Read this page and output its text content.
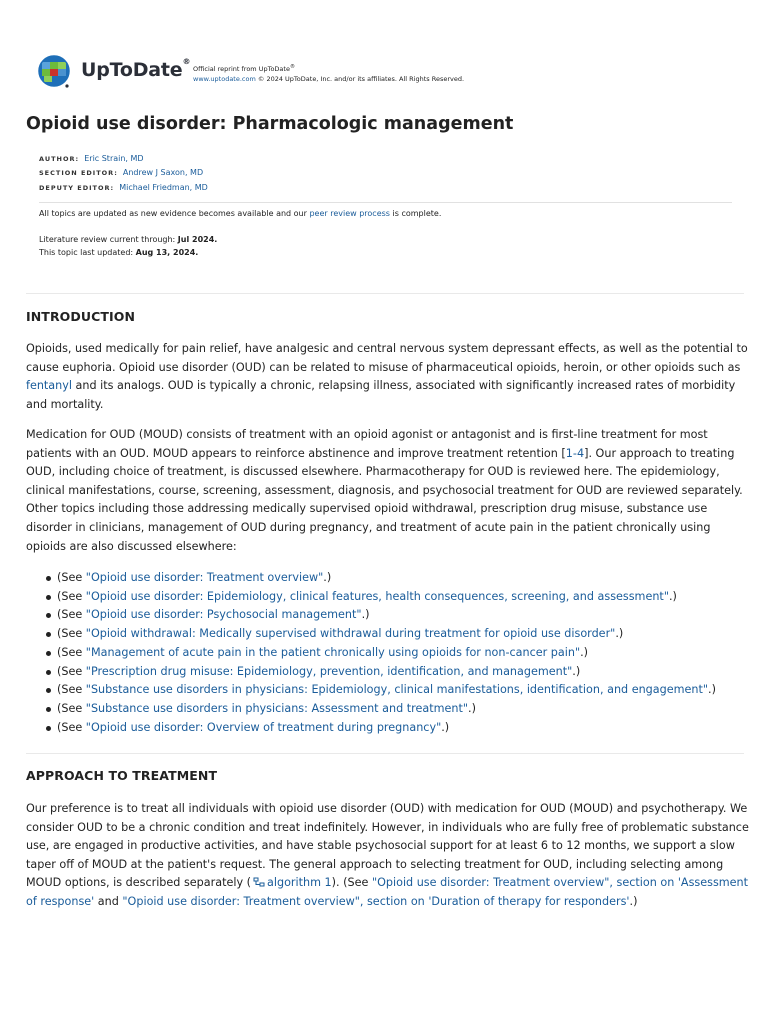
UpToDate®
Official reprint from UpToDate®
www.uptodate.com © 2024 UpToDate, Inc. and/or its affiliates. All Rights Reserved.
Opioid use disorder: Pharmacologic management
AUTHOR: Eric Strain, MD
SECTION EDITOR: Andrew J Saxon, MD
DEPUTY EDITOR: Michael Friedman, MD
All topics are updated as new evidence becomes available and our peer review process is complete.
Literature review current through: Jul 2024.
This topic last updated: Aug 13, 2024.
INTRODUCTION

Opioids, used medically for pain relief, have analgesic and central nervous system depressant effects, as well as the potential to cause euphoria. Opioid use disorder (OUD) can be related to misuse of pharmaceutical opioids, heroin, or other opioids such as fentanyl and its analogs. OUD is typically a chronic, relapsing illness, associated with significantly increased rates of morbidity and mortality.

Medication for OUD (MOUD) consists of treatment with an opioid agonist or antagonist and is first-line treatment for most patients with an OUD. MOUD appears to reinforce abstinence and improve treatment retention [1-4]. Our approach to treating OUD, including choice of treatment, is discussed elsewhere. Pharmacotherapy for OUD is reviewed here. The epidemiology, clinical manifestations, course, screening, assessment, diagnosis, and psychosocial treatment for OUD are reviewed separately. Other topics including those addressing medically supervised opioid withdrawal, prescription drug misuse, substance use disorder in clinicians, management of OUD during pregnancy, and treatment of acute pain in the patient chronically using opioids are also discussed elsewhere:

(See "Opioid use disorder: Treatment overview".)
(See "Opioid use disorder: Epidemiology, clinical features, health consequences, screening, and assessment".)
(See "Opioid use disorder: Psychosocial management".)
(See "Opioid withdrawal: Medically supervised withdrawal during treatment for opioid use disorder".)
(See "Management of acute pain in the patient chronically using opioids for non-cancer pain".)
(See "Prescription drug misuse: Epidemiology, prevention, identification, and management".)
(See "Substance use disorders in physicians: Epidemiology, clinical manifestations, identification, and engagement".)
(See "Substance use disorders in physicians: Assessment and treatment".)
(See "Opioid use disorder: Overview of treatment during pregnancy".)
APPROACH TO TREATMENT

Our preference is to treat all individuals with opioid use disorder (OUD) with medication for OUD (MOUD) and psychotherapy. We consider OUD to be a chronic condition and treat indefinitely. However, in individuals who are fully free of problematic substance use, are engaged in productive activities, and have stable psychosocial support for at least 6 to 12 months, we support a slow taper off of MOUD at the patient's request. The general approach to selecting treatment for OUD, including selecting among MOUD options, is described separately ( algorithm 1). (See "Opioid use disorder: Treatment overview", section on 'Assessment of response' and "Opioid use disorder: Treatment overview", section on 'Duration of therapy for responders'.)
